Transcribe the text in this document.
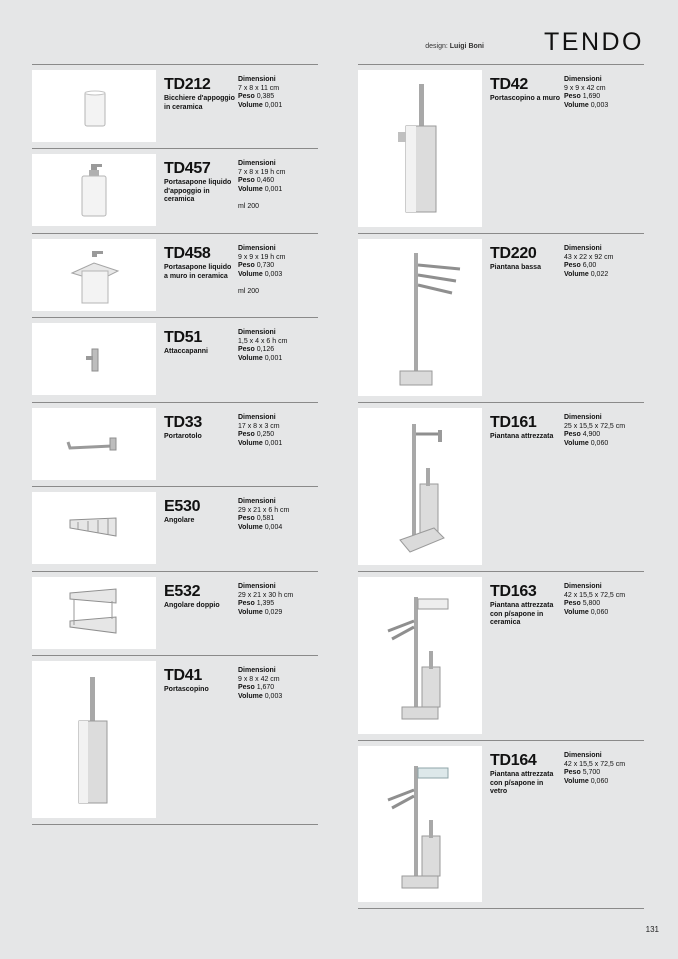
design: Luigi Boni TENDO
TD212
Bicchiere d'appoggio in ceramica
Dimensioni
7 x 8 x 11 cm
Peso 0,385
Volume 0,001
TD457
Portasapone liquido d'appoggio in ceramica
Dimensioni
7 x 8 x 19 h cm
Peso 0,460
Volume 0,001
ml 200
TD458
Portasapone liquido a muro in ceramica
Dimensioni
9 x 9 x 19 h cm
Peso 0,730
Volume 0,003
ml 200
TD51
Attaccapanni
Dimensioni
1,5 x 4 x 6 h cm
Peso 0,126
Volume 0,001
TD33
Portarotolo
Dimensioni
17 x 8 x 3 cm
Peso 0,250
Volume 0,001
E530
Angolare
Dimensioni
29 x 21 x 6 h cm
Peso 0,581
Volume 0,004
E532
Angolare doppio
Dimensioni
29 x 21 x 30 h cm
Peso 1,395
Volume 0,029
TD41
Portascopino
Dimensioni
9 x 8 x 42 cm
Peso 1,670
Volume 0,003
TD42
Portascopino a muro
Dimensioni
9 x 9 x 42 cm
Peso 1,690
Volume 0,003
TD220
Piantana bassa
Dimensioni
43 x 22 x 92 cm
Peso 6,00
Volume 0,022
TD161
Piantana attrezzata
Dimensioni
25 x 15,5 x 72,5 cm
Peso 4,900
Volume 0,060
TD163
Piantana attrezzata con p/sapone in ceramica
Dimensioni
42 x 15,5 x 72,5 cm
Peso 5,800
Volume 0,060
TD164
Piantana attrezzata con p/sapone in vetro
Dimensioni
42 x 15,5 x 72,5 cm
Peso 5,700
Volume 0,060
131
